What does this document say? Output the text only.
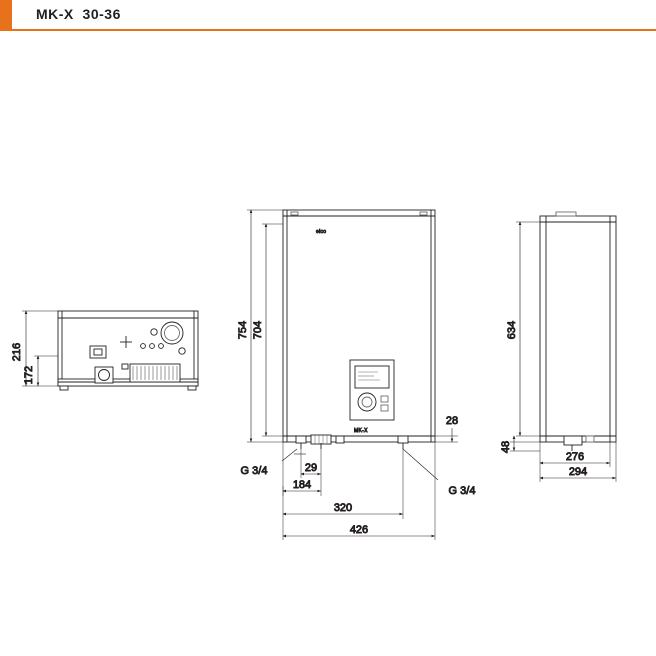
MK-X  30-36
216
172
elco
MK-X
754 704
28
29
184
320
426
G 3/4
G 3/4
634
48
276
294
